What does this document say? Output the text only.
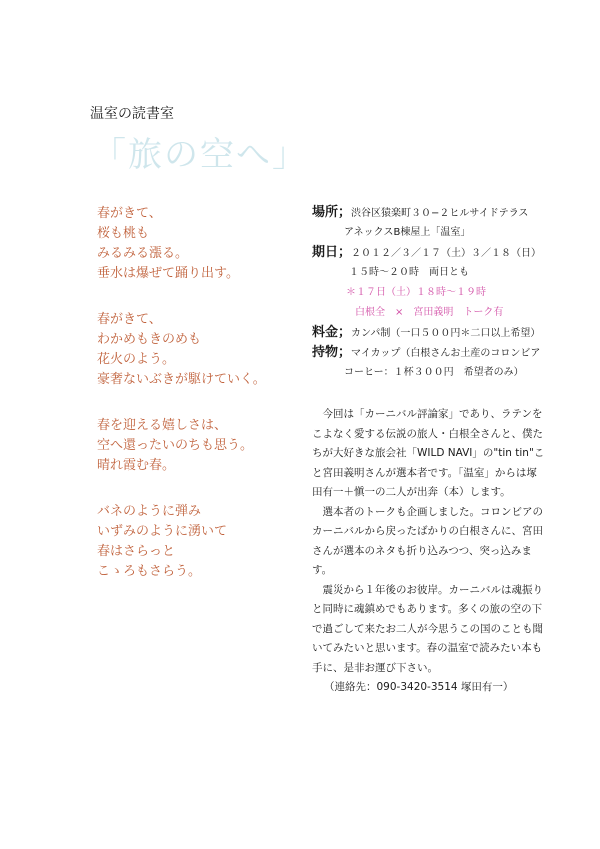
温室の読書室
「旅の空へ」
春がきて、
桜も桃も
みるみる漲る。
垂水は爆ぜて踊り出す。
春がきて、
わかめもきのめも
花火のよう。
豪奢ないぶきが駆けていく。
春を迎える嬉しさは、
空へ還ったいのちも思う。
晴れ霞む春。
バネのように弾み
いずみのように湧いて
春はさらっと
こゝろもさらう。
場所；渋谷区猿楽町３０−２ヒルサイドテラス
アネックスB棟屋上「温室」
期日；２０１２／３／１７（土）３／１８（日）
１５時〜２０時　両日とも
＊１７日（土）１８時〜１９時
白根全　×　宮田義明　トーク有
料金；カンパ制（一口５００円＊二口以上希望）
持物；マイカップ（白根さんお土産のコロンビア
コーヒー：１杯３００円　希望者のみ）

今回は「カーニバル評論家」であり、ラテンをこよなく愛する伝説の旅人・白根全さんと、僕たちが大好きな旅会社「WILD NAVI」の"tin tin"こと宮田義明さんが選本者です。「温室」からは塚田有一＋愼一の二人が出奔（本）します。

選本者のトークも企画しました。コロンビアのカーニバルから戻ったばかりの白根さんに、宮田さんが選本のネタも折り込みつつ、突っ込みます。

震災から１年後のお彼岸。カーニバルは魂振りと同時に魂鎮めでもあります。多くの旅の空の下で過ごして来たお二人が今思うこの国のことも聞いてみたいと思います。春の温室で読みたい本も手に、是非お運び下さい。

（連絡先：090-3420-3514 塚田有一）
